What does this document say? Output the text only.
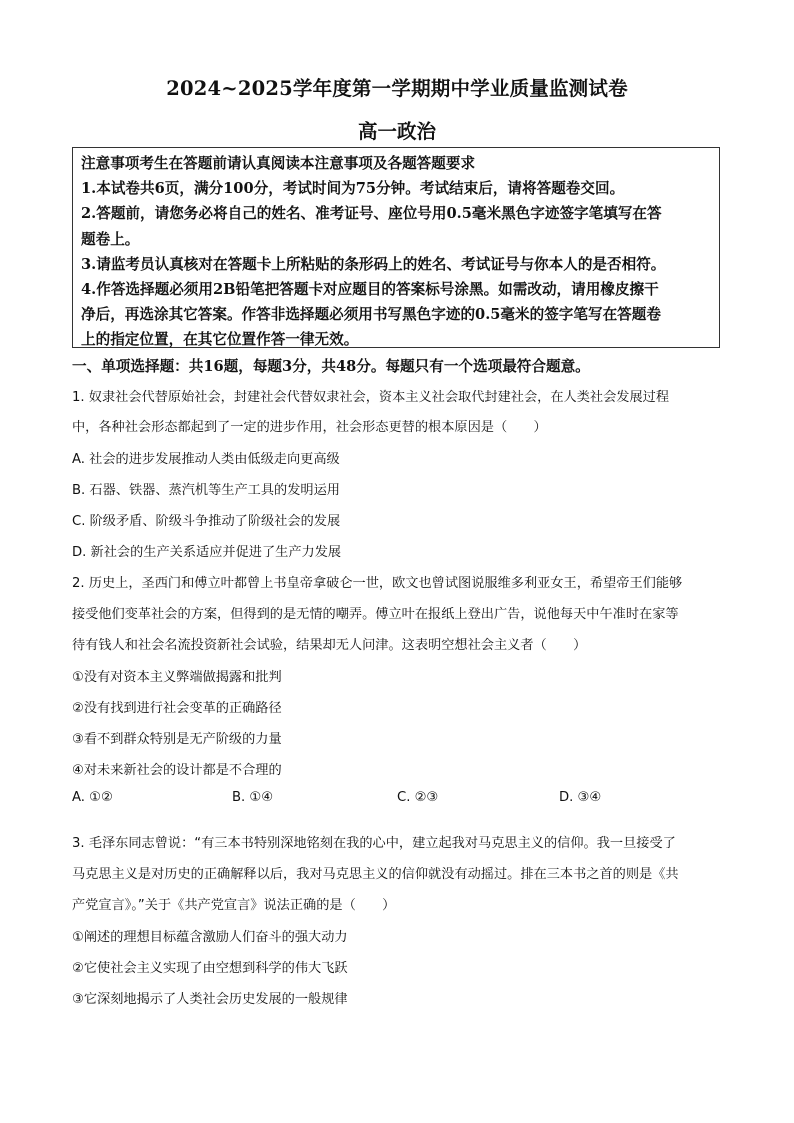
2024~2025学年度第一学期期中学业质量监测试卷
高一政治
注意事项考生在答题前请认真阅读本注意事项及各题答题要求
1.本试卷共6页，满分100分，考试时间为75分钟。考试结束后，请将答题卷交回。
2.答题前，请您务必将自己的姓名、准考证号、座位号用0.5毫米黑色字迹签字笔填写在答
题卷上。
3.请监考员认真核对在答题卡上所粘贴的条形码上的姓名、考试证号与你本人的是否相符。
4.作答选择题必须用2B铅笔把答题卡对应题目的答案标号涂黑。如需改动，请用橡皮擦干
净后，再选涂其它答案。作答非选择题必须用书写黑色字迹的0.5毫米的签字笔写在答题卷
上的指定位置，在其它位置作答一律无效。
一、单项选择题：共16题，每题3分，共48分。每题只有一个选项最符合题意。
1. 奴隶社会代替原始社会，封建社会代替奴隶社会，资本主义社会取代封建社会，在人类社会发展过程
中，各种社会形态都起到了一定的进步作用，社会形态更替的根本原因是（　　）
A. 社会的进步发展推动人类由低级走向更高级
B. 石器、铁器、蒸汽机等生产工具的发明运用
C. 阶级矛盾、阶级斗争推动了阶级社会的发展
D. 新社会的生产关系适应并促进了生产力发展
2. 历史上，圣西门和傅立叶都曾上书皇帝拿破仑一世，欧文也曾试图说服维多利亚女王，希望帝王们能够
接受他们变革社会的方案，但得到的是无情的嘲弄。傅立叶在报纸上登出广告，说他每天中午准时在家等
待有钱人和社会名流投资新社会试验，结果却无人问津。这表明空想社会主义者（　　）
①没有对资本主义弊端做揭露和批判
②没有找到进行社会变革的正确路径
③看不到群众特别是无产阶级的力量
④对未来新社会的设计都是不合理的
A. ①②	B. ①④	C. ②③	D. ③④
3. 毛泽东同志曾说：“有三本书特别深地铭刻在我的心中，建立起我对马克思主义的信仰。我一旦接受了
马克思主义是对历史的正确解释以后，我对马克思主义的信仰就没有动摇过。排在三本书之首的则是《共
产党宣言》。”关于《共产党宣言》说法正确的是（　　）
①阐述的理想目标蕴含激励人们奋斗的强大动力
②它使社会主义实现了由空想到科学的伟大飞跃
③它深刻地揭示了人类社会历史发展的一般规律
